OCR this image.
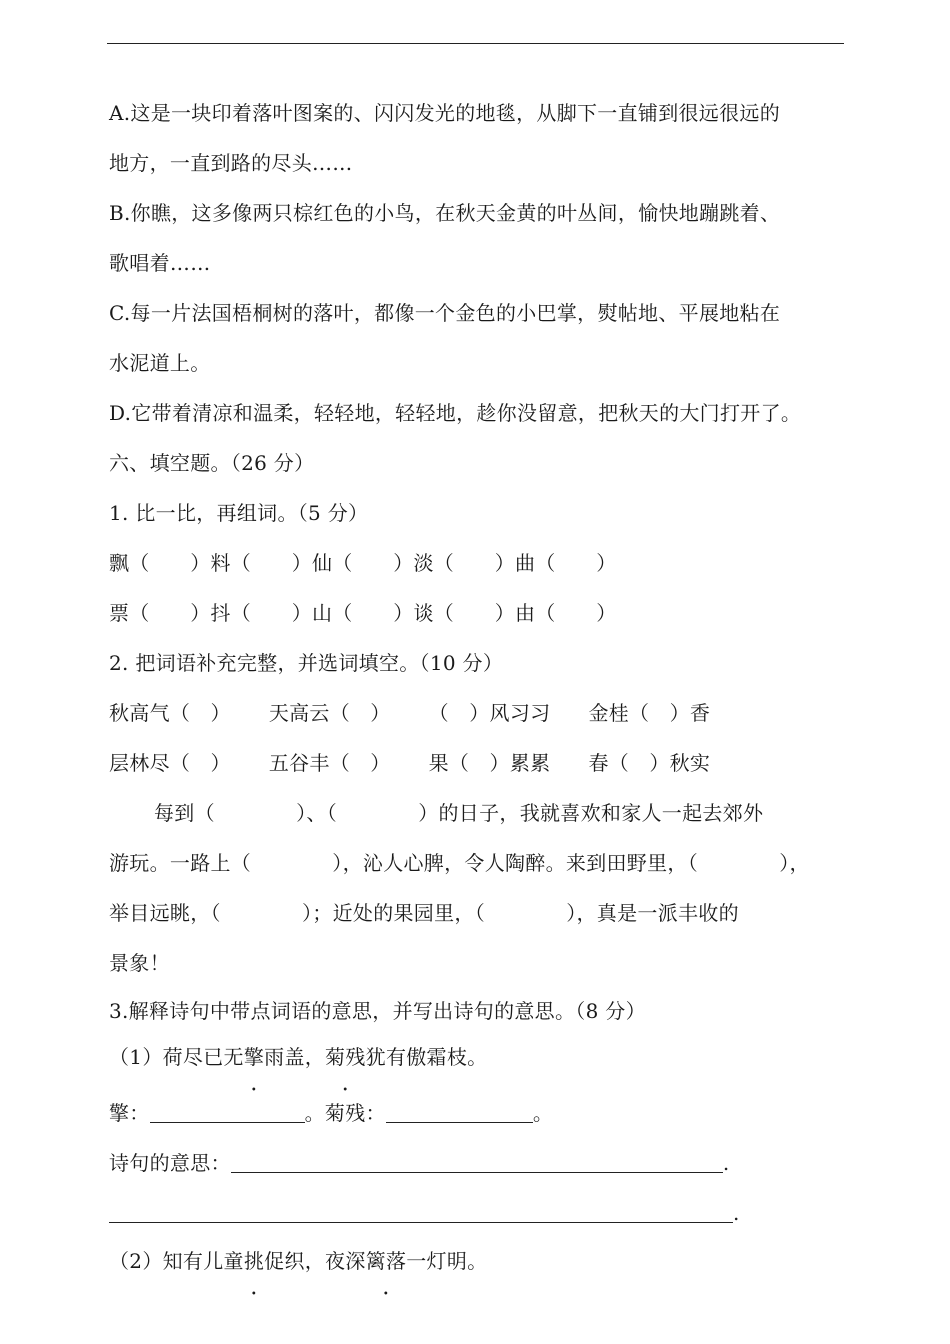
A.这是一块印着落叶图案的、闪闪发光的地毯，从脚下一直铺到很远很远的
地方，一直到路的尽头……
B.你瞧，这多像两只棕红色的小鸟，在秋天金黄的叶丛间，愉快地蹦跳着、
歌唱着……
C.每一片法国梧桐树的落叶，都像一个金色的小巴掌，熨帖地、平展地粘在
水泥道上。
D.它带着清凉和温柔，轻轻地，轻轻地，趁你没留意，把秋天的大门打开了。
六、填空题。（26 分）
1. 比一比，再组词。（5 分）
飘（　　）料（　　）仙（　　）淡（　　）曲（　　）
票（　　）抖（　　）山（　　）谈（　　）由（　　）
2. 把词语补充完整，并选词填空。（10 分）
秋高气（　） 天高云（　） （　）风习习 金桂（　）香
层林尽（　） 五谷丰（　） 果（　）累累 春（　）秋实
每到（　　　　）、（　　　　）的日子，我就喜欢和家人一起去郊外
游玩。一路上（　　　　），沁人心脾，令人陶醉。来到田野里，（　　　　），
举目远眺，（　　　　）；近处的果园里，（　　　　），真是一派丰收的
景象！
3.解释诗句中带点词语的意思，并写出诗句的意思。（8 分）
（1）荷尽已无擎雨盖，菊残犹有傲霜枝。
擎：	。菊残：	。
诗句的意思：	.
.
（2）知有儿童挑促织，夜深篱落一灯明。
